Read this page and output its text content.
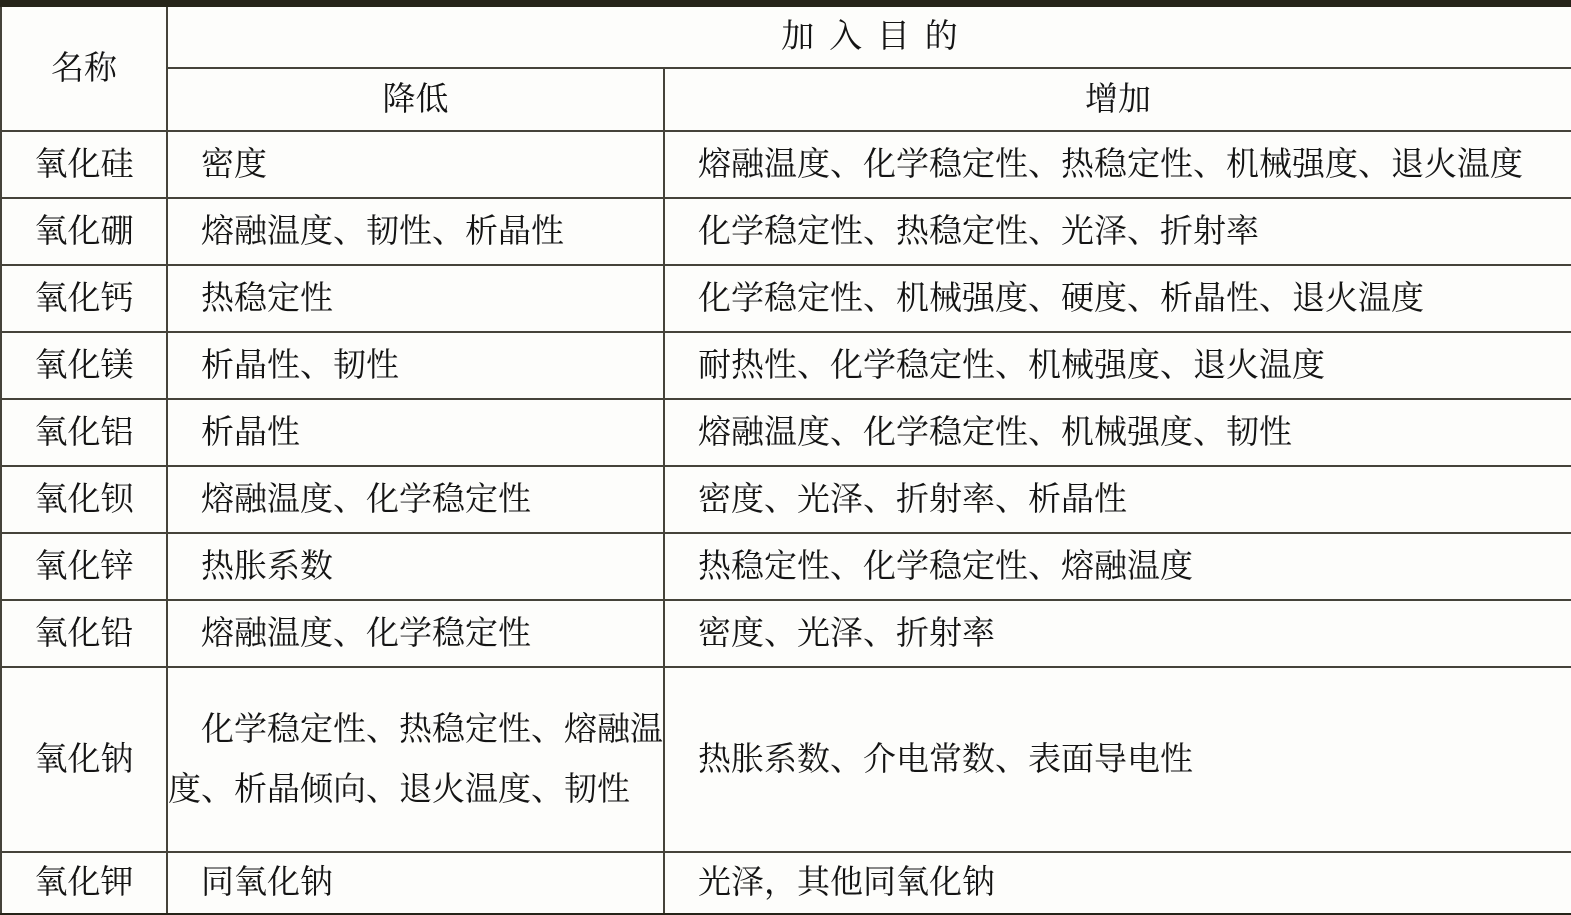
名称	加入目的	
	降低	增加
氧化硅	密度	熔融温度、化学稳定性、热稳定性、机械强度、退火温度
氧化硼	熔融温度、韧性、析晶性	化学稳定性、热稳定性、光泽、折射率
氧化钙	热稳定性	化学稳定性、机械强度、硬度、析晶性、退火温度
氧化镁	析晶性、韧性	耐热性、化学稳定性、机械强度、退火温度
氧化铝	析晶性	熔融温度、化学稳定性、机械强度、韧性
氧化钡	熔融温度、化学稳定性	密度、光泽、折射率、析晶性
氧化锌	热胀系数	热稳定性、化学稳定性、熔融温度
氧化铅	熔融温度、化学稳定性	密度、光泽、折射率
氧化钠	化学稳定性、热稳定性、熔融温度、析晶倾向、退火温度、韧性	热胀系数、介电常数、表面导电性
氧化钾	同氧化钠	光泽，其他同氧化钠
